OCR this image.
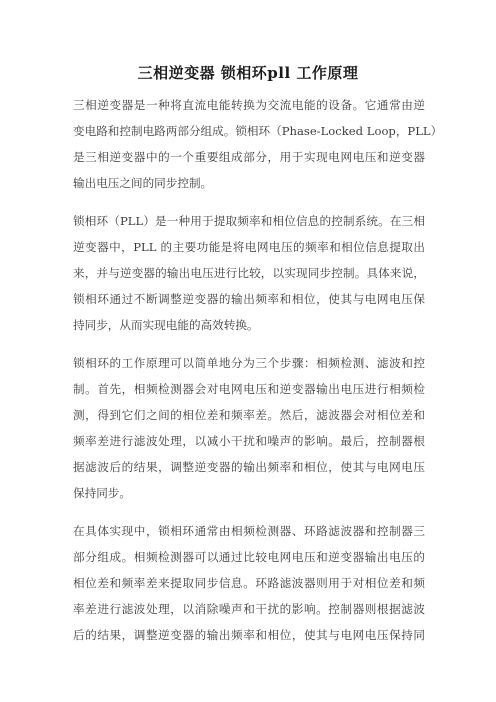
三相逆变器 锁相环pll 工作原理

三相逆变器是一种将直流电能转换为交流电能的设备。它通常由逆
变电路和控制电路两部分组成。锁相环（Phase-Locked Loop，PLL）
是三相逆变器中的一个重要组成部分，用于实现电网电压和逆变器
输出电压之间的同步控制。

锁相环（PLL）是一种用于提取频率和相位信息的控制系统。在三相
逆变器中，PLL 的主要功能是将电网电压的频率和相位信息提取出
来，并与逆变器的输出电压进行比较，以实现同步控制。具体来说，
锁相环通过不断调整逆变器的输出频率和相位，使其与电网电压保
持同步，从而实现电能的高效转换。

锁相环的工作原理可以简单地分为三个步骤：相频检测、滤波和控
制。首先，相频检测器会对电网电压和逆变器输出电压进行相频检
测，得到它们之间的相位差和频率差。然后，滤波器会对相位差和
频率差进行滤波处理，以减小干扰和噪声的影响。最后，控制器根
据滤波后的结果，调整逆变器的输出频率和相位，使其与电网电压
保持同步。

在具体实现中，锁相环通常由相频检测器、环路滤波器和控制器三
部分组成。相频检测器可以通过比较电网电压和逆变器输出电压的
相位差和频率差来提取同步信息。环路滤波器则用于对相位差和频
率差进行滤波处理，以消除噪声和干扰的影响。控制器则根据滤波
后的结果，调整逆变器的输出频率和相位，使其与电网电压保持同
